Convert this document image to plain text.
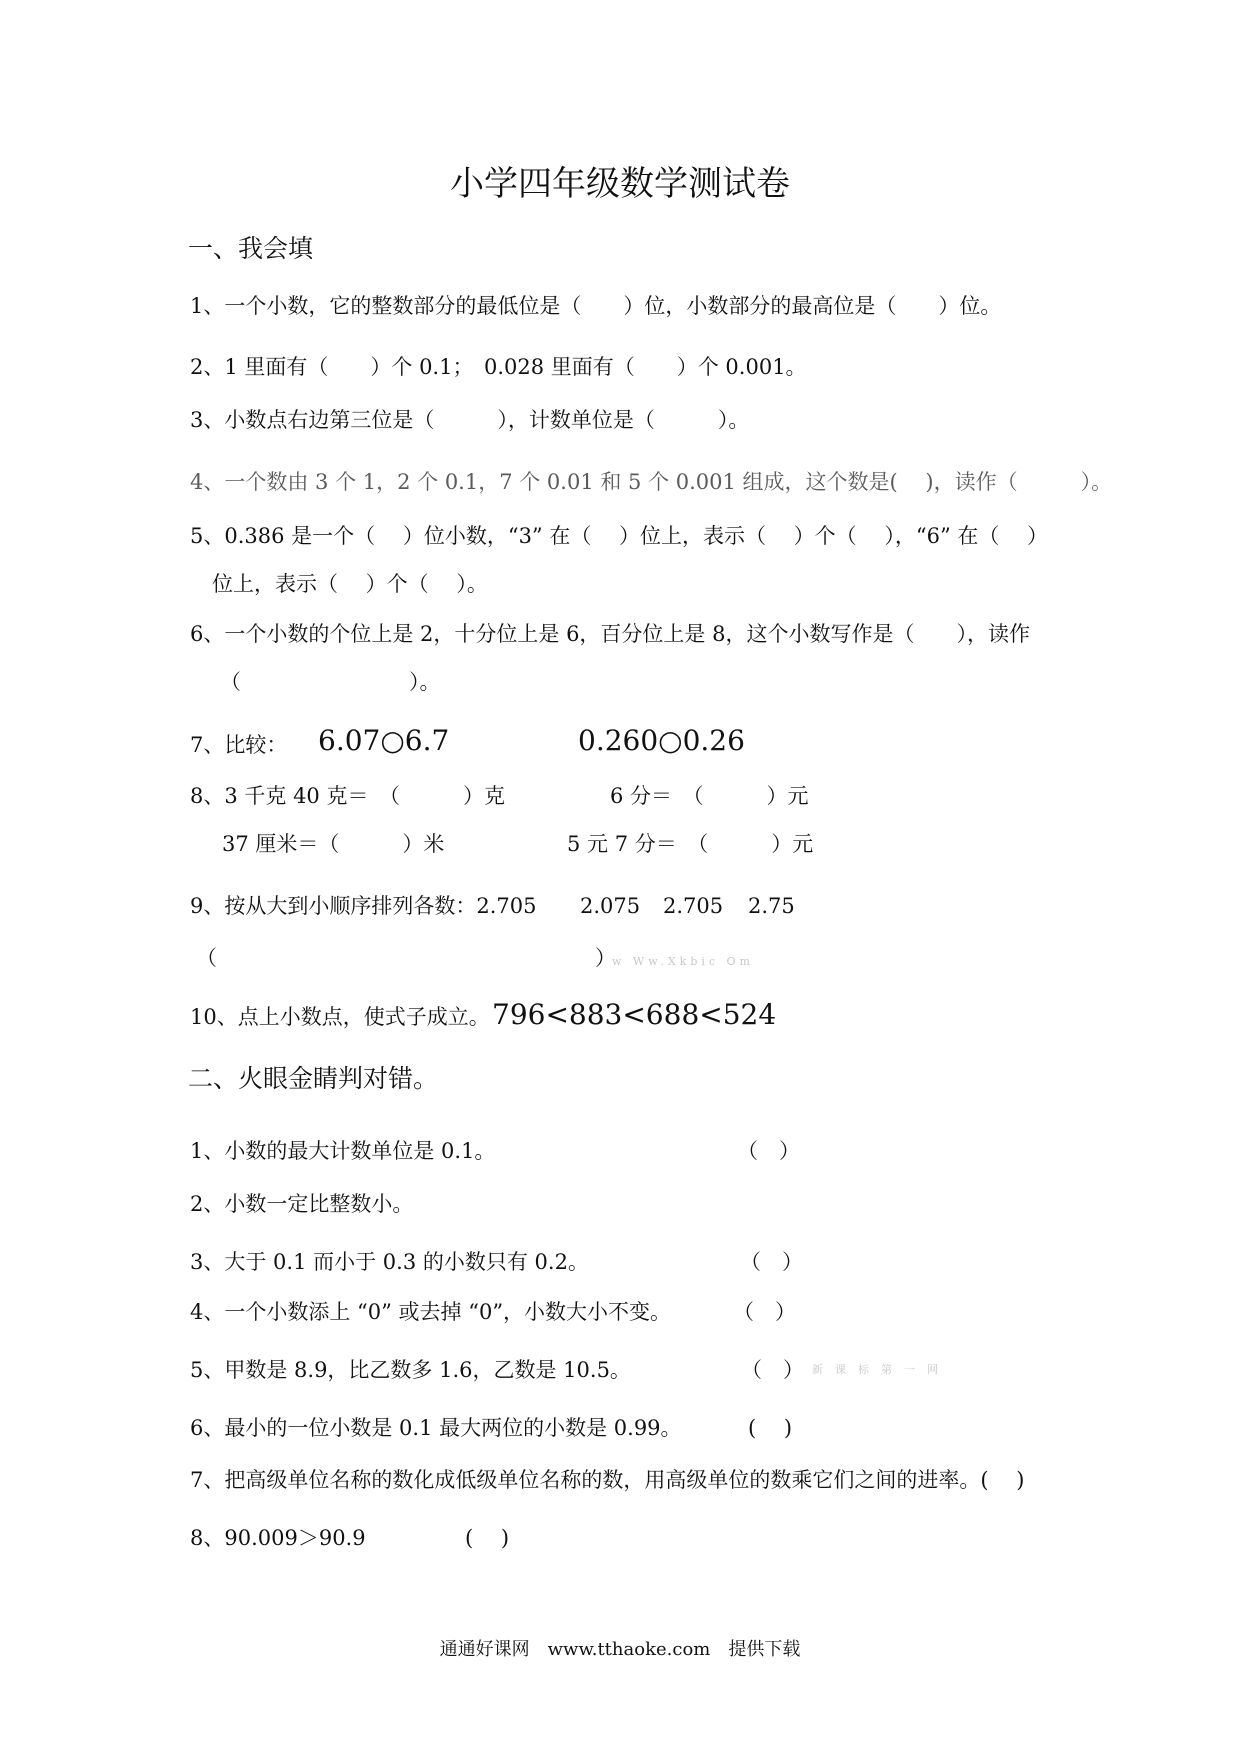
小学四年级数学测试卷
一、我会填
1、一个小数，它的整数部分的最低位是（　　）位，小数部分的最高位是（　　）位。
2、1 里面有（　　）个 0.1；　0.028 里面有（　　）个 0.001。
3、小数点右边第三位是（　　　），计数单位是（　　　）。
4、一个数由 3 个 1，2 个 0.1，7 个 0.01 和 5 个 0.001 组成，这个数是(　 )，读作（　　　）。
5、0.386 是一个（　 ）位小数，“3” 在（　 ）位上，表示（　 ）个（　 ），“6” 在（　 ）
位上，表示（　 ）个（　 ）。
6、一个小数的个位上是 2，十分位上是 6，百分位上是 8，这个小数写作是（　　），读作
（　　　　　　　　）。
7、比较： 6.07○6.7	0.260○0.26
8、3 千克 40 克＝　（　　　）克	6 分＝　（　　　）元
37 厘米＝（　　　）米	5 元 7 分＝　（　　　）元
9、按从大到小顺序排列各数：2.705 2.075 2.705 2.75
（　　　　　　　　　　　　　　　　　　）
w Ww.Xkbic Om
10、点上小数点，使式子成立。 796<883<688<524
二、火眼金睛判对错。
1、小数的最大计数单位是 0.1。	（　）
2、小数一定比整数小。
3、大于 0.1 而小于 0.3 的小数只有 0.2。	（　）
4、一个小数添上 “0” 或去掉 “0”，小数大小不变。	（　）
5、甲数是 8.9，比乙数多 1.6，乙数是 10.5。	（　） 新课标第一网
6、最小的一位小数是 0.1 最大两位的小数是 0.99。	(　 )
7、把高级单位名称的数化成低级单位名称的数，用高级单位的数乘它们之间的进率。(　 )
8、90.009＞90.9	(　 )
通通好课网　www.tthaoke.com　提供下载
